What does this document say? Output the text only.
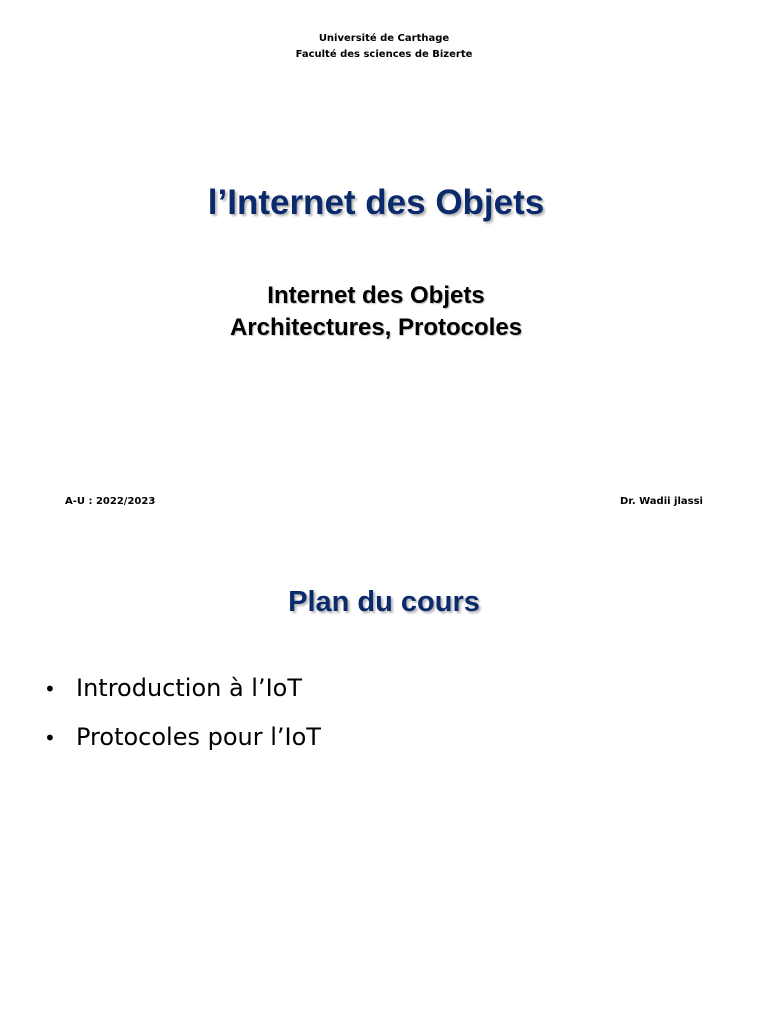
Université de Carthage
Faculté des sciences de Bizerte
l’Internet des Objets
Internet des Objets
Architectures, Protocoles
A-U : 2022/2023	Dr. Wadii jlassi
Plan du cours
• Introduction à l’IoT
• Protocoles pour l’IoT
